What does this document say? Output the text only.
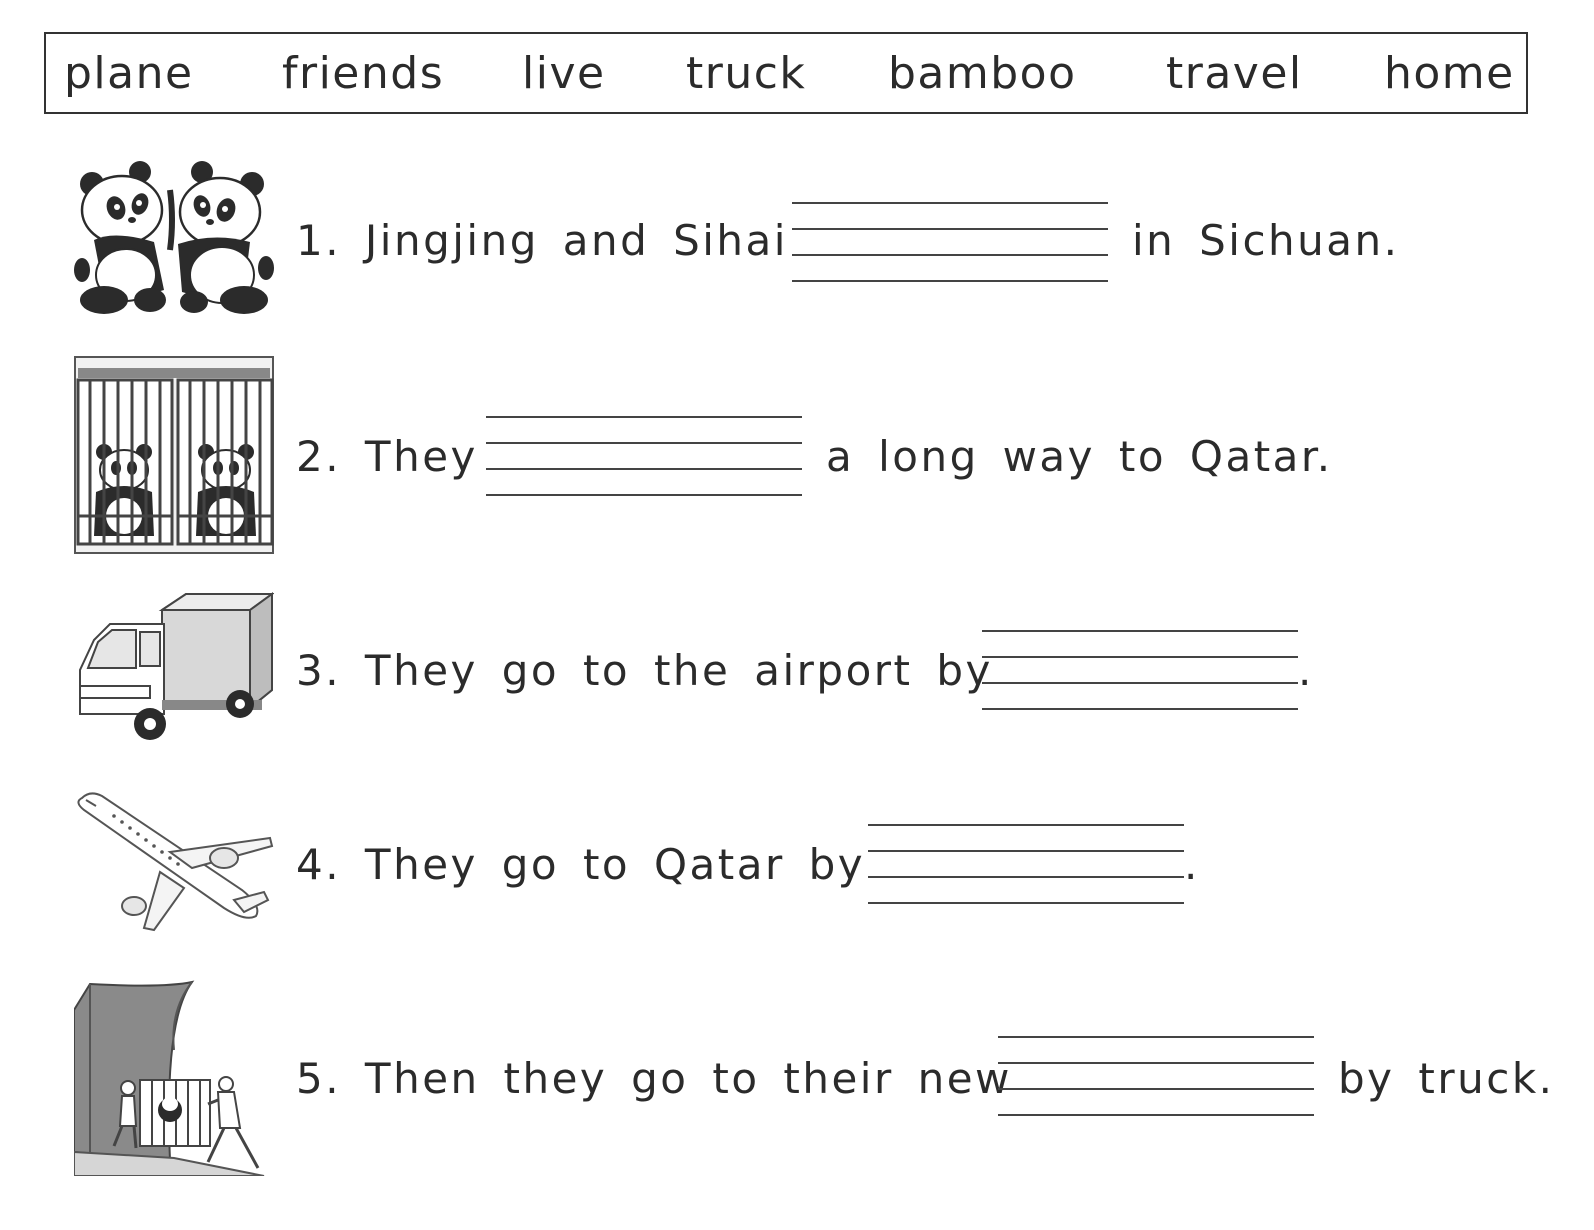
plane friends live truck bamboo travel home
1. Jingjing and Sihai	in Sichuan.
2. They	a long way to Qatar.
3. They go to the airport by	.
4. They go to Qatar by	.
5. Then they go to their new	by truck.
